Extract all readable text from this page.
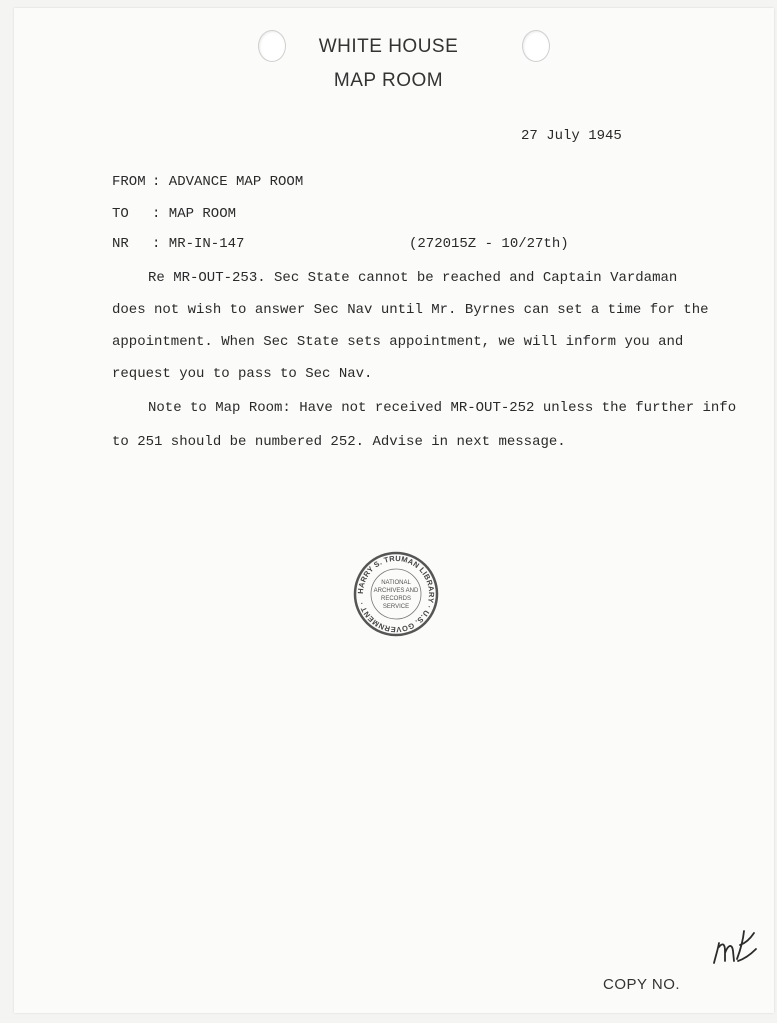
WHITE HOUSE
MAP ROOM
27 July 1945
FROM : ADVANCE MAP ROOM
TO : MAP ROOM
NR : MR-IN-147	(272015Z - 10/27th)
Re MR-OUT-253. Sec State cannot be reached and Captain Vardaman
does not wish to answer Sec Nav until Mr. Byrnes can set a time for the
appointment. When Sec State sets appointment, we will inform you and
request you to pass to Sec Nav.
Note to Map Room: Have not received MR-OUT-252 unless the further info
to 251 should be numbered 252. Advise in next message.
HARRY S. TRUMAN LIBRARY · U.S. GOVERNMENT ·
NATIONAL
ARCHIVES AND
RECORDS
SERVICE
COPY NO.
